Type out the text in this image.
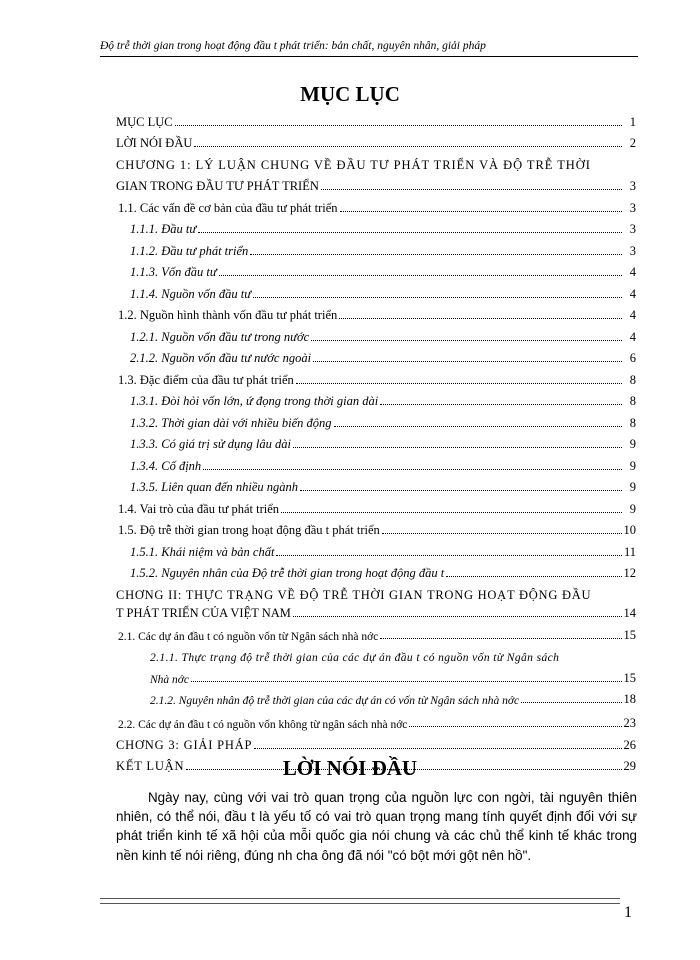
Độ trễ thời gian trong hoạt động đầu t phát triển: bản chất, nguyên nhân, giải pháp
MỤC LỤC
MỤC LỤC	1
LỜI NÓI ĐẦU	2
CHƯƠNG 1: LÝ LUẬN CHUNG VỀ ĐẦU TƯ PHÁT TRIỂN VÀ ĐỘ TRỄ THỜI
GIAN TRONG ĐẦU TƯ PHÁT TRIỂN	3
1.1. Các vấn đề cơ bản của đầu tư phát triển	3
1.1.1. Đầu tư	3
1.1.2. Đầu tư phát triển	3
1.1.3. Vốn đầu tư	4
1.1.4. Nguồn vốn đầu tư	4
1.2. Nguồn hình thành vốn đầu tư phát triển	4
1.2.1. Nguồn vốn đầu tư trong nước	4
2.1.2. Nguồn vốn đầu tư nước ngoài	6
1.3. Đặc điểm của đầu tư phát triển	8
1.3.1. Đòi hỏi vốn lớn, ứ đọng trong thời gian dài	8
1.3.2. Thời gian dài với nhiều biến động	8
1.3.3. Có giá trị sử dụng lâu dài	9
1.3.4. Cố định	9
1.3.5. Liên quan đến nhiều ngành	9
1.4. Vai trò của đầu tư phát triển	9
1.5. Độ trễ thời gian trong hoạt động đầu t phát triển	10
1.5.1. Khái niệm và bản chất	11
1.5.2. Nguyên nhân của Độ trễ thời gian trong hoạt động đầu t	12
CHƠNG II: THỰC TRẠNG VỀ ĐỘ TRỄ THỜI GIAN TRONG HOẠT ĐỘNG ĐẦU
T PHÁT TRIỂN CỦA VIỆT NAM	14
2.1. Các dự án đầu t có nguồn vốn từ Ngân sách nhà nớc	15
2.1.1. Thực trạng độ trễ thời gian của các dự án đầu t có nguồn vốn từ Ngân sách
Nhà nớc	15
2.1.2. Nguyên nhân độ trễ thời gian của các dự án có vốn từ Ngân sách nhà nớc	18
2.2. Các dự án đầu t có nguồn vốn không từ ngân sách nhà nớc	23
CHƠNG 3: GIẢI PHÁP	26
KẾT LUẬN	29
LỜI NÓI ĐẦU

Ngày nay, cùng với vai trò quan trọng của nguồn lực con ngời, tài nguyên thiên nhiên, có thể nói, đầu t là yếu tố có vai trò quan trọng mang tính quyết định đối với sự phát triển kinh tế xã hội của mỗi quốc gia nói chung và các chủ thể kinh tế khác trong nền kinh tế nói riêng, đúng nh cha ông đã nói "có bột mới gột nên hồ".

1
